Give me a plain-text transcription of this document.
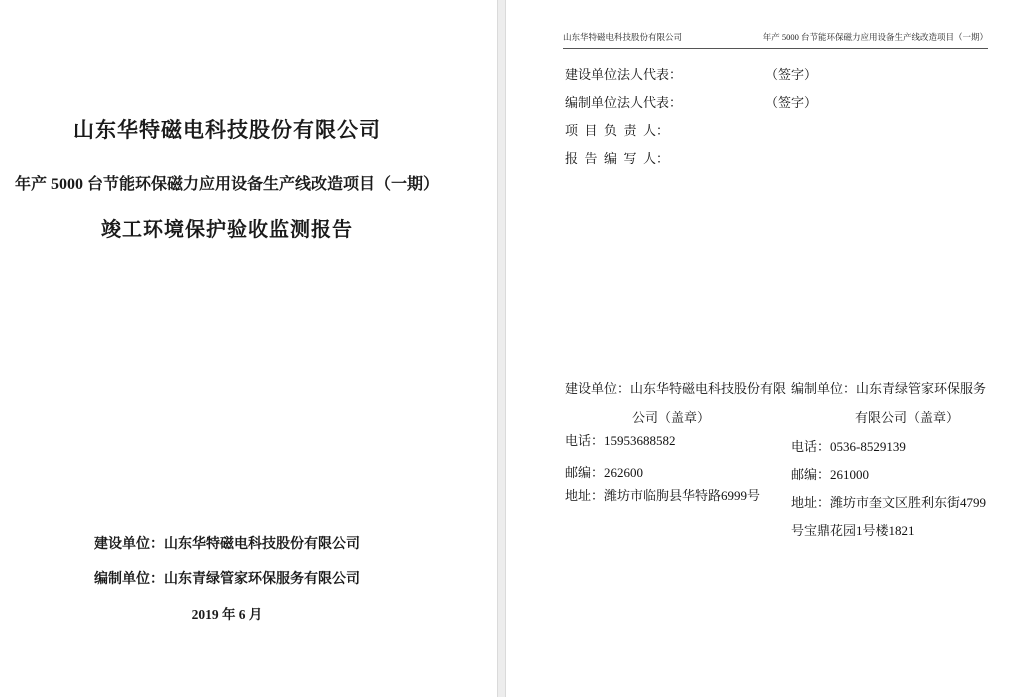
山东华特磁电科技股份有限公司
年产 5000 台节能环保磁力应用设备生产线改造项目（一期）
竣工环境保护验收监测报告
建设单位：山东华特磁电科技股份有限公司
编制单位：山东青绿管家环保服务有限公司
2019 年 6 月
山东华特磁电科技股份有限公司	年产 5000 台节能环保磁力应用设备生产线改造项目（一期）
建设单位法人代表：	（签字）
编制单位法人代表：	（签字）
项 目 负 责 人：
报 告 编 写 人：
建设单位：山东华特磁电科技股份有限
公司（盖章）
电话：15953688582
邮编：262600
地址：潍坊市临朐县华特路6999号
编制单位：山东青绿管家环保服务
有限公司（盖章）
电话：0536-8529139
邮编：261000
地址：潍坊市奎文区胜利东街4799
号宝鼎花园1号楼1821
